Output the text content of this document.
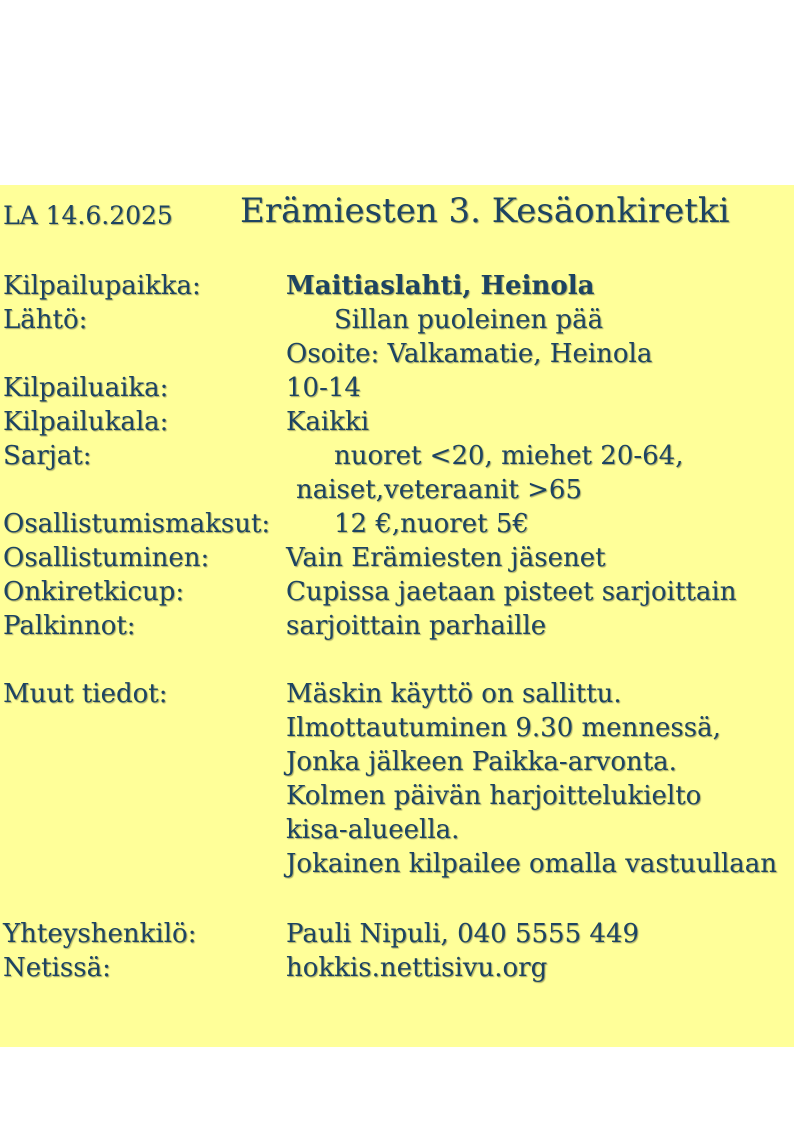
LA 14.6.2025 Erämiesten 3. Kesäonkiretki
Kilpailupaikka:	Maitiaslahti, Heinola
Lähtö:	Sillan puoleinen pää
Osoite: Valkamatie, Heinola
Kilpailuaika:	10-14
Kilpailukala:	Kaikki
Sarjat:	nuoret <20, miehet 20-64,
naiset,veteraanit >65
Osallistumismaksut: 12 €,nuoret 5€
Osallistuminen:	Vain Erämiesten jäsenet
Onkiretkicup:	Cupissa jaetaan pisteet sarjoittain
Palkinnot:	sarjoittain parhaille
Muut tiedot:	Mäskin käyttö on sallittu.
Ilmottautuminen 9.30 mennessä,
Jonka jälkeen Paikka-arvonta.
Kolmen päivän harjoittelukielto
kisa-alueella.
Jokainen kilpailee omalla vastuullaan
Yhteyshenkilö:	Pauli Nipuli, 040 5555 449
Netissä:	hokkis.nettisivu.org
